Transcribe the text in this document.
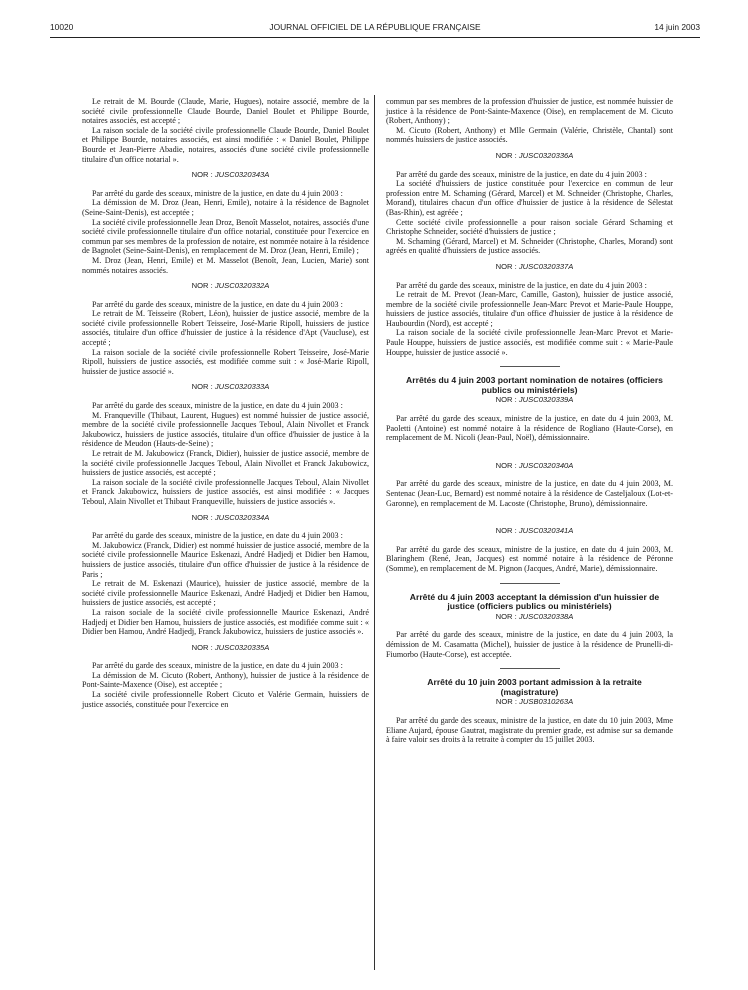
10020	JOURNAL OFFICIEL DE LA RÉPUBLIQUE FRANÇAISE	14 juin 2003

Le retrait de M. Bourde (Claude, Marie, Hugues), notaire associé, membre de la société civile professionnelle Claude Bourde, Daniel Boulet et Philippe Bourde, notaires associés, est accepté ;

La raison sociale de la société civile professionnelle Claude Bourde, Daniel Boulet et Philippe Bourde, notaires associés, est ainsi modifiée : « Daniel Boulet, Philippe Bourde et Jean-Pierre Abadie, notaires, associés d'une société civile professionnelle titulaire d'un office notarial ».

NOR : JUSC0320343A

Par arrêté du garde des sceaux, ministre de la justice, en date du 4 juin 2003 :

La démission de M. Droz (Jean, Henri, Emile), notaire à la résidence de Bagnolet (Seine-Saint-Denis), est acceptée ;

La société civile professionnelle Jean Droz, Benoît Masselot, notaires, associés d'une société civile professionnelle titulaire d'un office notarial, constituée pour l'exercice en commun par ses membres de la profession de notaire, est nommée notaire à la résidence de Bagnolet (Seine-Saint-Denis), en remplacement de M. Droz (Jean, Henri, Emile) ;

M. Droz (Jean, Henri, Emile) et M. Masselot (Benoît, Jean, Lucien, Marie) sont nommés notaires associés.

NOR : JUSC0320332A

Par arrêté du garde des sceaux, ministre de la justice, en date du 4 juin 2003 :

Le retrait de M. Teisseire (Robert, Léon), huissier de justice associé, membre de la société civile professionnelle Robert Teisseire, José-Marie Ripoll, huissiers de justice associés, titulaire d'un office d'huissier de justice à la résidence d'Apt (Vaucluse), est accepté ;

La raison sociale de la société civile professionnelle Robert Teisseire, José-Marie Ripoll, huissiers de justice associés, est modifiée comme suit : « José-Marie Ripoll, huissier de justice associé ».

NOR : JUSC0320333A

Par arrêté du garde des sceaux, ministre de la justice, en date du 4 juin 2003 :

M. Franqueville (Thibaut, Laurent, Hugues) est nommé huissier de justice associé, membre de la société civile professionnelle Jacques Teboul, Alain Nivollet et Franck Jakubowicz, huissiers de justice associés, titulaire d'un office d'huissier de justice à la résidence de Meudon (Hauts-de-Seine) ;

Le retrait de M. Jakubowicz (Franck, Didier), huissier de justice associé, membre de la société civile professionnelle Jacques Teboul, Alain Nivollet et Franck Jakubowicz, huissiers de justice associés, est accepté ;

La raison sociale de la société civile professionnelle Jacques Teboul, Alain Nivollet et Franck Jakubowicz, huissiers de justice associés, est ainsi modifiée : « Jacques Teboul, Alain Nivollet et Thibaut Franqueville, huissiers de justice associés ».

NOR : JUSC0320334A

Par arrêté du garde des sceaux, ministre de la justice, en date du 4 juin 2003 :

M. Jakubowicz (Franck, Didier) est nommé huissier de justice associé, membre de la société civile professionnelle Maurice Eskenazi, André Hadjedj et Didier ben Hamou, huissiers de justice associés, titulaire d'un office d'huissier de justice à la résidence de Paris ;

Le retrait de M. Eskenazi (Maurice), huissier de justice associé, membre de la société civile professionnelle Maurice Eskenazi, André Hadjedj et Didier ben Hamou, huissiers de justice associés, est accepté ;

La raison sociale de la société civile professionnelle Maurice Eskenazi, André Hadjedj et Didier ben Hamou, huissiers de justice associés, est modifiée comme suit : « Didier ben Hamou, André Hadjedj, Franck Jakubowicz, huissiers de justice associés ».

NOR : JUSC0320335A

Par arrêté du garde des sceaux, ministre de la justice, en date du 4 juin 2003 :

La démission de M. Cicuto (Robert, Anthony), huissier de justice à la résidence de Pont-Sainte-Maxence (Oise), est acceptée ;

La société civile professionnelle Robert Cicuto et Valérie Germain, huissiers de justice associés, constituée pour l'exercice en

commun par ses membres de la profession d'huissier de justice, est nommée huissier de justice à la résidence de Pont-Sainte-Maxence (Oise), en remplacement de M. Cicuto (Robert, Anthony) ;

M. Cicuto (Robert, Anthony) et Mlle Germain (Valérie, Christèle, Chantal) sont nommés huissiers de justice associés.

NOR : JUSC0320336A

Par arrêté du garde des sceaux, ministre de la justice, en date du 4 juin 2003 :

La société d'huissiers de justice constituée pour l'exercice en commun de leur profession entre M. Schaming (Gérard, Marcel) et M. Schneider (Christophe, Charles, Morand), titulaires chacun d'un office d'huissier de justice à la résidence de Sélestat (Bas-Rhin), est agréée ;

Cette société civile professionnelle a pour raison sociale Gérard Schaming et Christophe Schneider, société d'huissiers de justice ;

M. Schaming (Gérard, Marcel) et M. Schneider (Christophe, Charles, Morand) sont agréés en qualité d'huissiers de justice associés.

NOR : JUSC0320337A

Par arrêté du garde des sceaux, ministre de la justice, en date du 4 juin 2003 :

Le retrait de M. Prevot (Jean-Marc, Camille, Gaston), huissier de justice associé, membre de la société civile professionnelle Jean-Marc Prevot et Marie-Paule Houppe, huissiers de justice associés, titulaire d'un office d'huissier de justice à la résidence de Haubourdin (Nord), est accepté ;

La raison sociale de la société civile professionnelle Jean-Marc Prevot et Marie-Paule Houppe, huissiers de justice associés, est modifiée comme suit : « Marie-Paule Houppe, huissier de justice associé ».

Arrêtés du 4 juin 2003 portant nomination de notaires (officiers publics ou ministériels)

NOR : JUSC0320339A

Par arrêté du garde des sceaux, ministre de la justice, en date du 4 juin 2003, M. Paoletti (Antoine) est nommé notaire à la résidence de Rogliano (Haute-Corse), en remplacement de M. Nicoli (Jean-Paul, Noël), démissionnaire.

NOR : JUSC0320340A

Par arrêté du garde des sceaux, ministre de la justice, en date du 4 juin 2003, M. Sentenac (Jean-Luc, Bernard) est nommé notaire à la résidence de Casteljaloux (Lot-et-Garonne), en remplacement de M. Lacoste (Christophe, Bruno), démissionnaire.

NOR : JUSC0320341A

Par arrêté du garde des sceaux, ministre de la justice, en date du 4 juin 2003, M. Blaringhem (René, Jean, Jacques) est nommé notaire à la résidence de Péronne (Somme), en remplacement de M. Pignon (Jacques, André, Marie), démissionnaire.

Arrêté du 4 juin 2003 acceptant la démission d'un huissier de justice (officiers publics ou ministériels)

NOR : JUSC0320338A

Par arrêté du garde des sceaux, ministre de la justice, en date du 4 juin 2003, la démission de M. Casamatta (Michel), huissier de justice à la résidence de Prunelli-di-Fiumorbo (Haute-Corse), est acceptée.

Arrêté du 10 juin 2003 portant admission à la retraite (magistrature)

NOR : JUSB0310263A

Par arrêté du garde des sceaux, ministre de la justice, en date du 10 juin 2003, Mme Eliane Aujard, épouse Gautrat, magistrate du premier grade, est admise sur sa demande à faire valoir ses droits à la retraite à compter du 15 juillet 2003.
